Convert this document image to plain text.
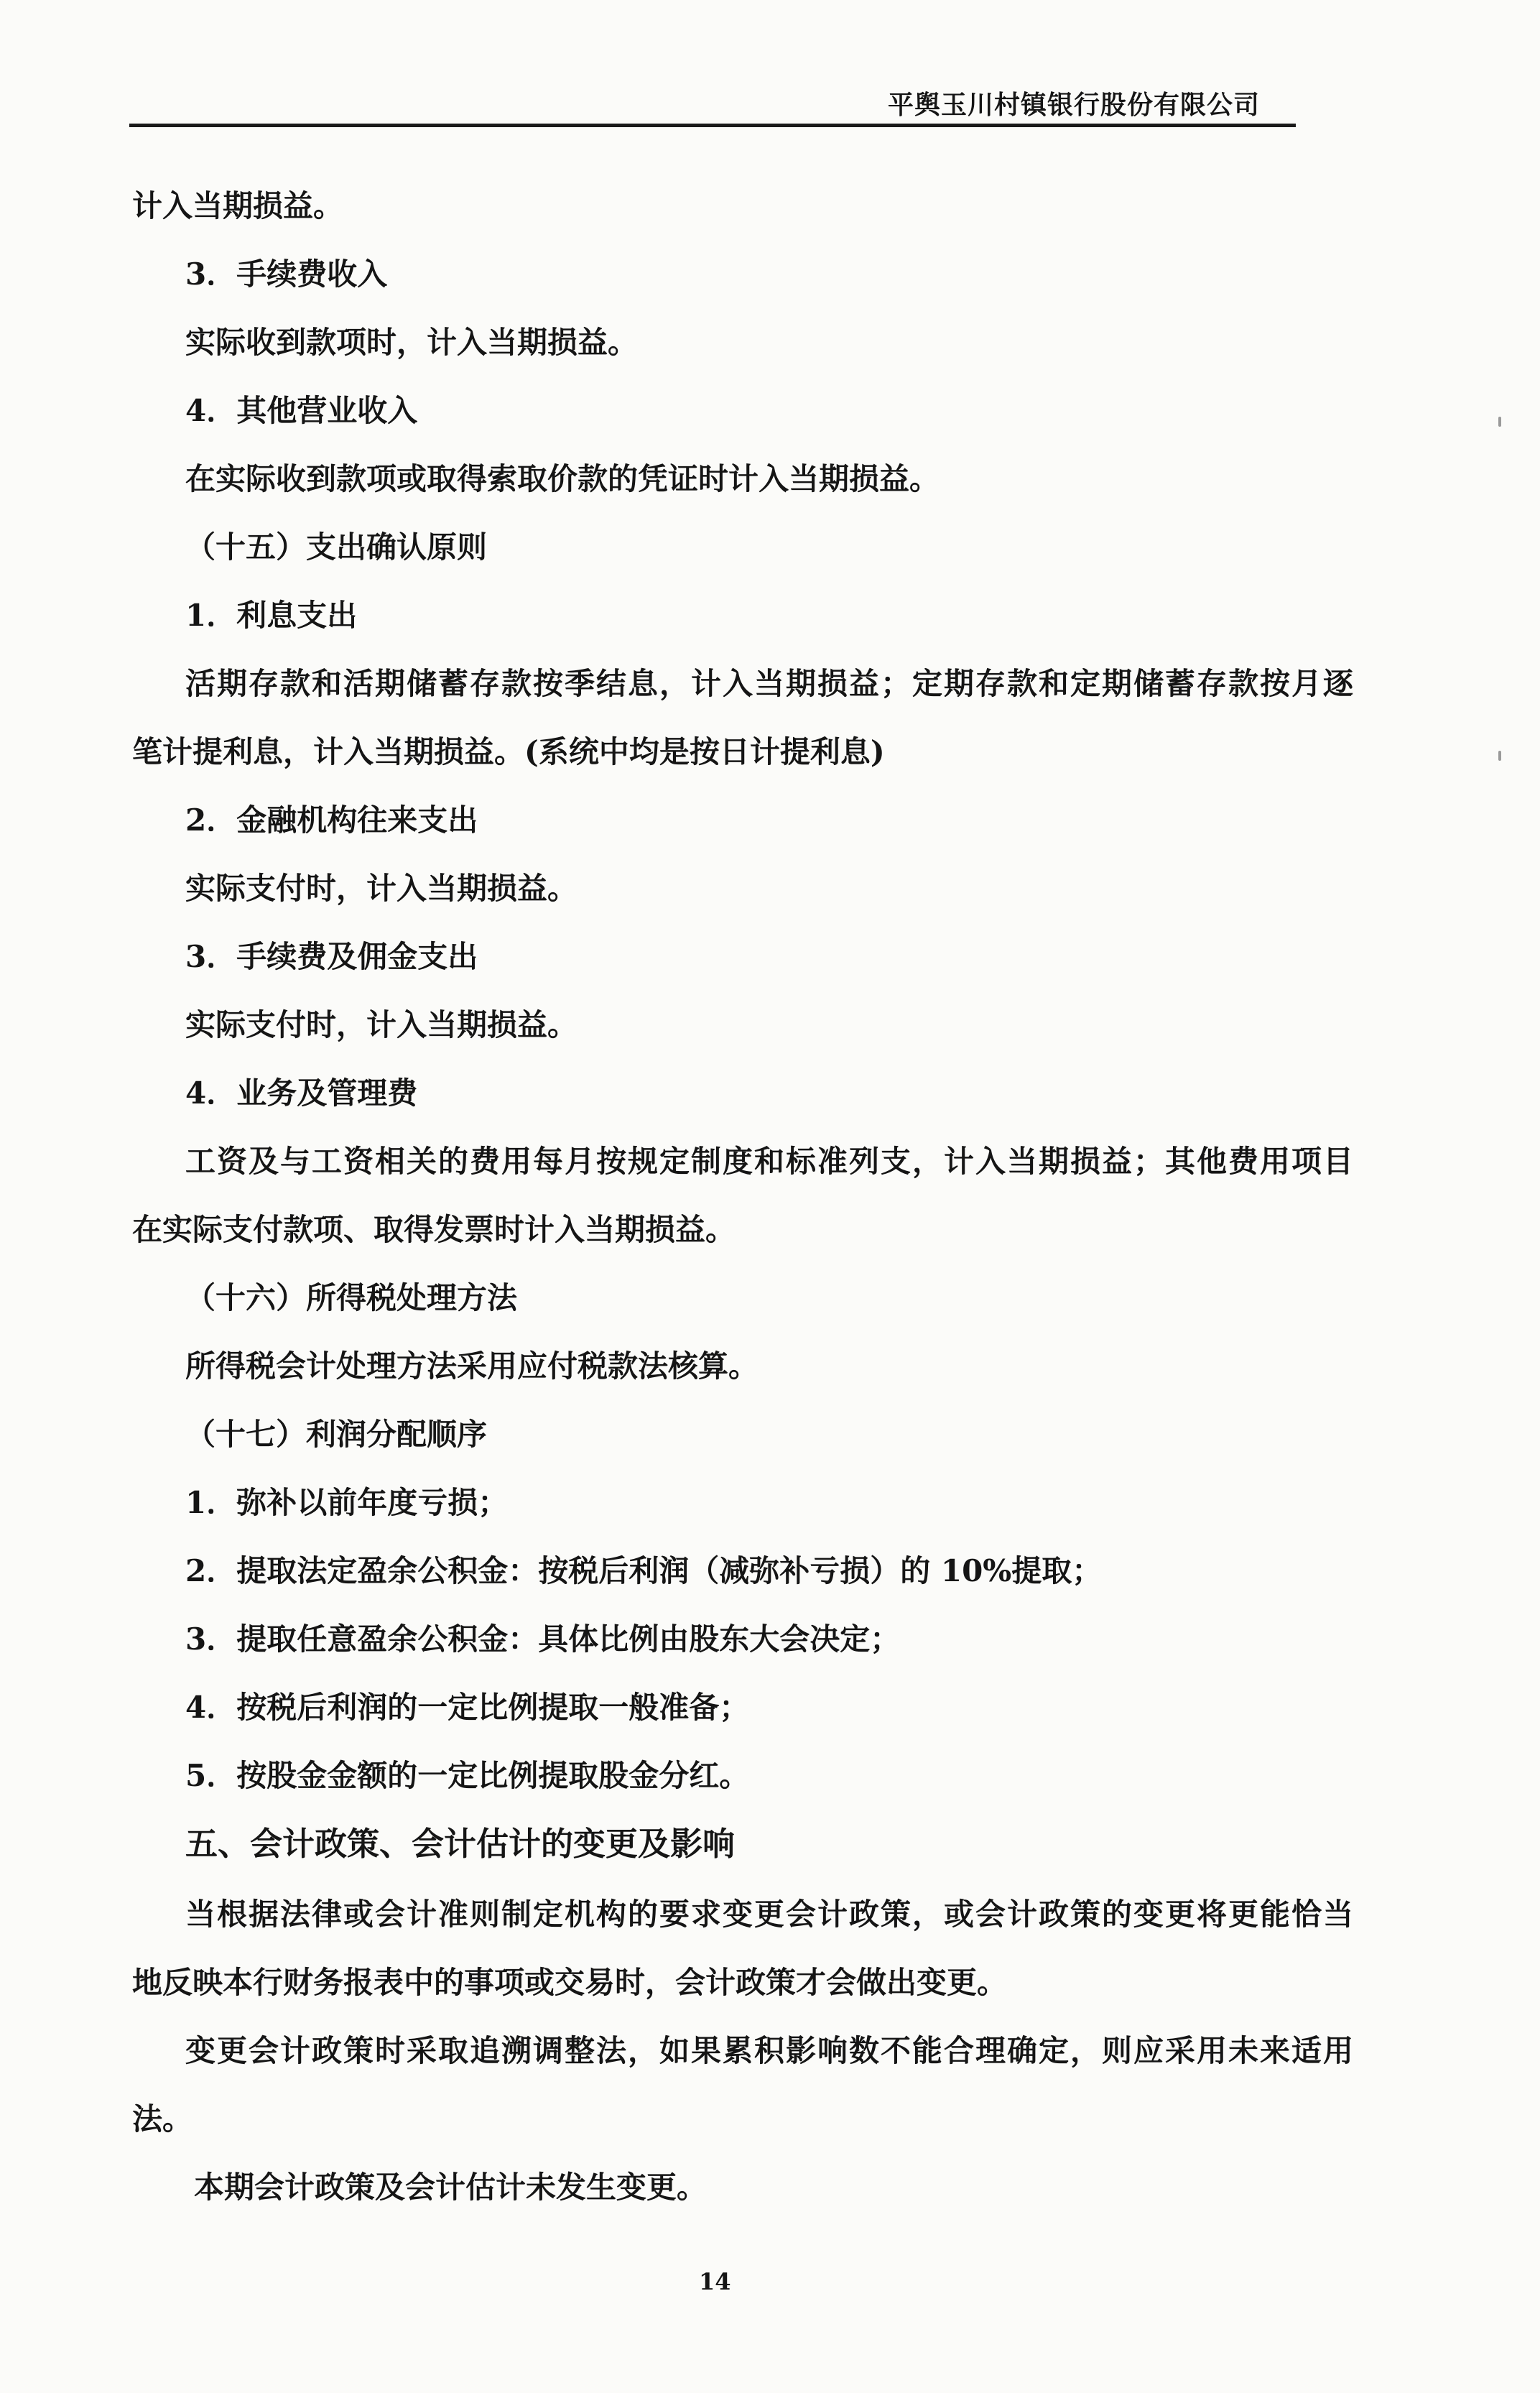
平舆玉川村镇银行股份有限公司
计入当期损益。
3．手续费收入
实际收到款项时，计入当期损益。
4．其他营业收入
在实际收到款项或取得索取价款的凭证时计入当期损益。
（十五）支出确认原则
1．利息支出
活期存款和活期储蓄存款按季结息，计入当期损益；定期存款和定期储蓄存款按月逐
笔计提利息，计入当期损益。(系统中均是按日计提利息)
2．金融机构往来支出
实际支付时，计入当期损益。
3．手续费及佣金支出
实际支付时，计入当期损益。
4．业务及管理费
工资及与工资相关的费用每月按规定制度和标准列支，计入当期损益；其他费用项目
在实际支付款项、取得发票时计入当期损益。
（十六）所得税处理方法
所得税会计处理方法采用应付税款法核算。
（十七）利润分配顺序
1．弥补以前年度亏损；
2．提取法定盈余公积金：按税后利润（减弥补亏损）的 10%提取；
3．提取任意盈余公积金：具体比例由股东大会决定；
4．按税后利润的一定比例提取一般准备；
5．按股金金额的一定比例提取股金分红。
五、会计政策、会计估计的变更及影响
当根据法律或会计准则制定机构的要求变更会计政策，或会计政策的变更将更能恰当
地反映本行财务报表中的事项或交易时，会计政策才会做出变更。
变更会计政策时采取追溯调整法，如果累积影响数不能合理确定，则应采用未来适用
法。
本期会计政策及会计估计未发生变更。
14
